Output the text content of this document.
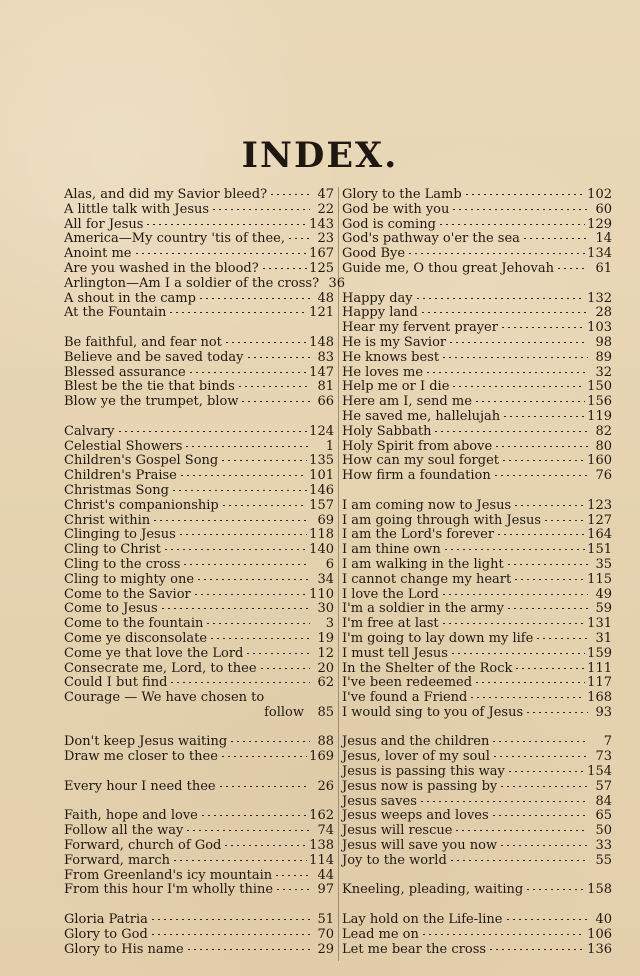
INDEX.
Alas, and did my Savior bleed?	47
A little talk with Jesus	22
All for Jesus	143
America—My country 'tis of thee,	23
Anoint me	167
Are you washed in the blood?	125
Arlington—Am I a soldier of the cross? 36
A shout in the camp	48
At the Fountain	121
Be faithful, and fear not	148
Believe and be saved today	83
Blessed assurance	147
Blest be the tie that binds	81
Blow ye the trumpet, blow	66
Calvary	124
Celestial Showers	1
Children's Gospel Song	135
Children's Praise	101
Christmas Song	146
Christ's companionship	157
Christ within	69
Clinging to Jesus	118
Cling to Christ	140
Cling to the cross	6
Cling to mighty one	34
Come to the Savior	110
Come to Jesus	30
Come to the fountain	3
Come ye disconsolate	19
Come ye that love the Lord	12
Consecrate me, Lord, to thee	20
Could I but find	62
Courage — We have chosen to
follow	85
Don't keep Jesus waiting	88
Draw me closer to thee	169
Every hour I need thee	26
Faith, hope and love	162
Follow all the way	74
Forward, church of God	138
Forward, march	114
From Greenland's icy mountain	44
From this hour I'm wholly thine	97
Gloria Patria	51
Glory to God	70
Glory to His name	29
Glory to the Lamb	102
God be with you	60
God is coming	129
God's pathway o'er the sea	14
Good Bye	134
Guide me, O thou great Jehovah	61
Happy day	132
Happy land	28
Hear my fervent prayer	103
He is my Savior	98
He knows best	89
He loves me	32
Help me or I die	150
Here am I, send me	156
He saved me, hallelujah	119
Holy Sabbath	82
Holy Spirit from above	80
How can my soul forget	160
How firm a foundation	76
I am coming now to Jesus	123
I am going through with Jesus	127
I am the Lord's forever	164
I am thine own	151
I am walking in the light	35
I cannot change my heart	115
I love the Lord	49
I'm a soldier in the army	59
I'm free at last	131
I'm going to lay down my life	31
I must tell Jesus	159
In the Shelter of the Rock	111
I've been redeemed	117
I've found a Friend	168
I would sing to you of Jesus	93
Jesus and the children	7
Jesus, lover of my soul	73
Jesus is passing this way	154
Jesus now is passing by	57
Jesus saves	84
Jesus weeps and loves	65
Jesus will rescue	50
Jesus will save you now	33
Joy to the world	55
Kneeling, pleading, waiting	158
Lay hold on the Life-line	40
Lead me on	106
Let me bear the cross	136
